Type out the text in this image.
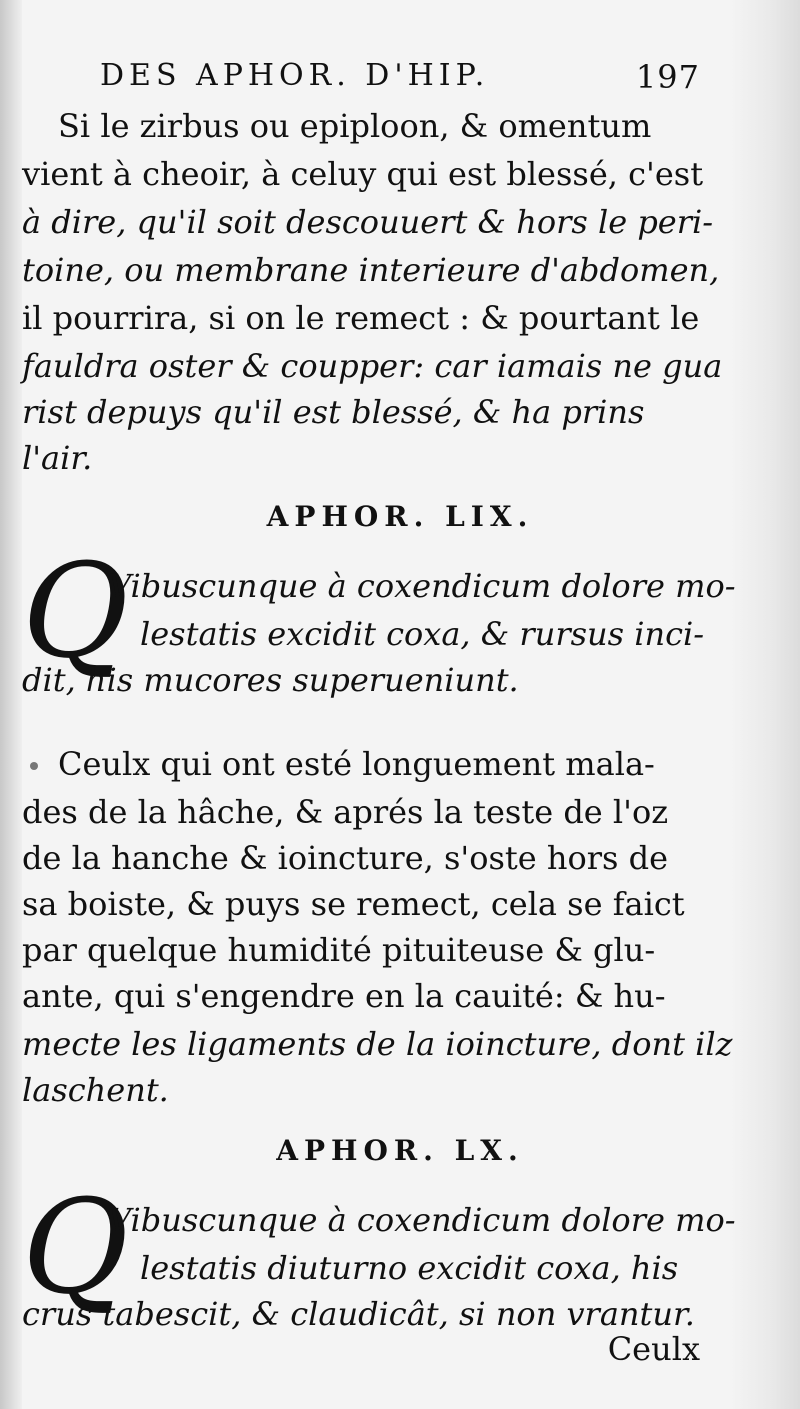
DES APHOR. D'HIP.	197
Si le zirbus ou epiploon, & omentum
vient à cheoir, à celuy qui est blessé, c'est
à dire, qu'il soit descouuert & hors le peri-
toine, ou membrane interieure d'abdomen,
il pourrira, si on le remect : & pourtant le
fauldra oster & coupper: car iamais ne gua
rist depuys qu'il est blessé, & ha prins
l'air.
APHOR. LIX.
Q
Vibuscunque à coxendicum dolore mo-
lestatis excidit coxa, & rursus inci-
dit, his mucores superueniunt.
Ceulx qui ont esté longuement mala-
des de la hâche, & aprés la teste de l'oz
de la hanche & ioincture, s'oste hors de
sa boiste, & puys se remect, cela se faict
par quelque humidité pituiteuse & glu-
ante, qui s'engendre en la cauité: & hu-
mecte les ligaments de la ioincture, dont ilz
laschent.
APHOR. LX.
Q
Vibuscunque à coxendicum dolore mo-
lestatis diuturno excidit coxa, his
crus tabescit, & claudicât, si non vrantur.
Ceulx
